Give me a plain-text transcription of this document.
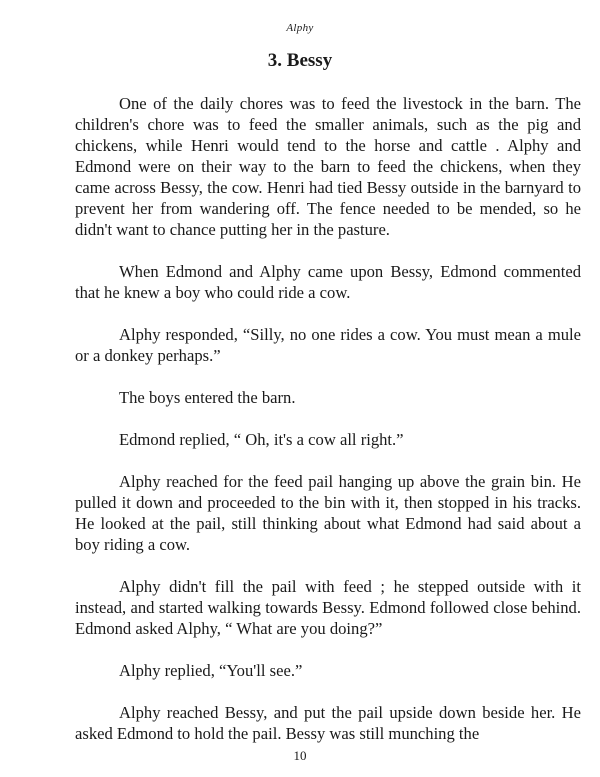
Alphy
3. Bessy

One of the daily chores was to feed the livestock in the barn. The children's chore was to feed the smaller animals, such as the pig and chickens, while Henri would tend to the horse and cattle . Alphy and Edmond were on their way to the barn to feed the chickens, when they came across Bessy, the cow. Henri had tied Bessy outside in the barnyard to prevent her from wandering off. The fence needed to be mended, so he didn't want to chance putting her in the pasture.

When Edmond and Alphy came upon Bessy, Edmond commented that he knew a boy who could ride a cow.

Alphy responded, “Silly, no one rides a cow. You must mean a mule or a donkey perhaps.”

The boys entered the barn.

Edmond replied, “ Oh, it's a cow all right.”

Alphy reached for the feed pail hanging up above the grain bin. He pulled it down and proceeded to the bin with it, then stopped in his tracks. He looked at the pail, still thinking about what Edmond had said about a boy riding a cow.

Alphy didn't fill the pail with feed ; he stepped outside with it instead, and started walking towards Bessy. Edmond followed close behind. Edmond asked Alphy, “ What are you doing?”

Alphy replied, “You'll see.”

Alphy reached Bessy, and put the pail upside down beside her. He asked Edmond to hold the pail. Bessy was still munching the

10
